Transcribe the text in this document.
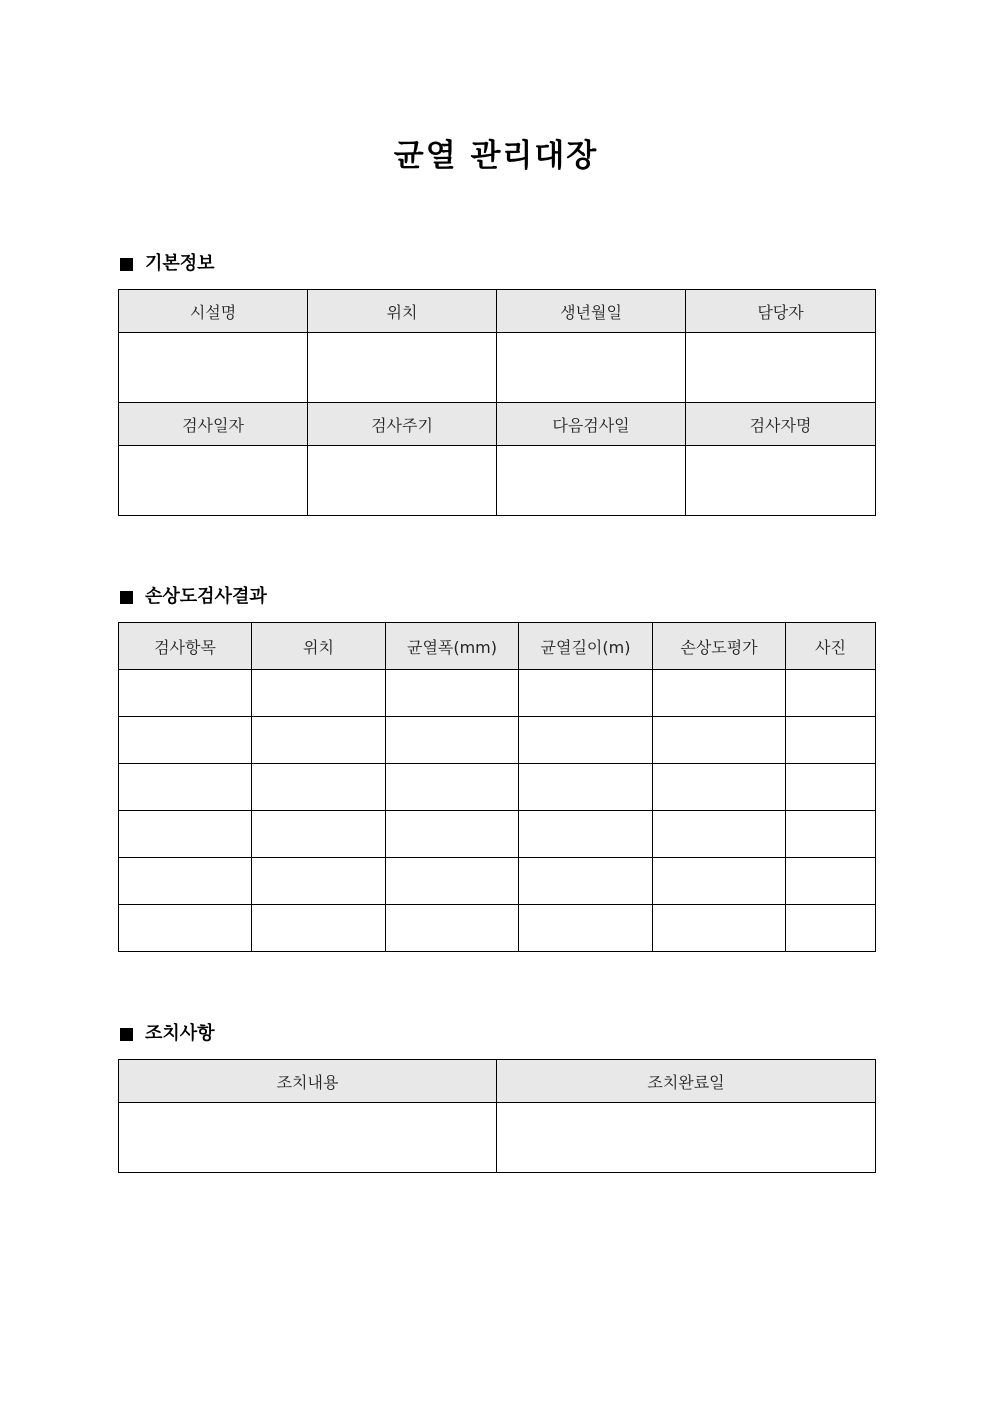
균열 관리대장
기본정보
시설명	위치	생년월일	담당자

검사일자	검사주기	다음검사일	검사자명

손상도검사결과
검사항목	위치	균열폭(mm)	균열길이(m)	손상도평가	사진

조치사항
조치내용	조치완료일
